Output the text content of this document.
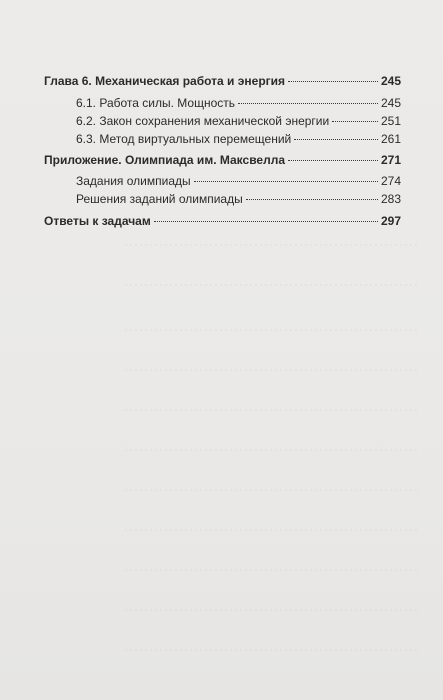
Глава 6. Механическая работа и энергия	245
6.1. Работа силы. Мощность	245
6.2. Закон сохранения механической энергии	251
6.3. Метод виртуальных перемещений	261
Приложение. Олимпиада им. Максвелла	271
Задания олимпиады	274
Решения заданий олимпиады	283
Ответы к задачам	297
